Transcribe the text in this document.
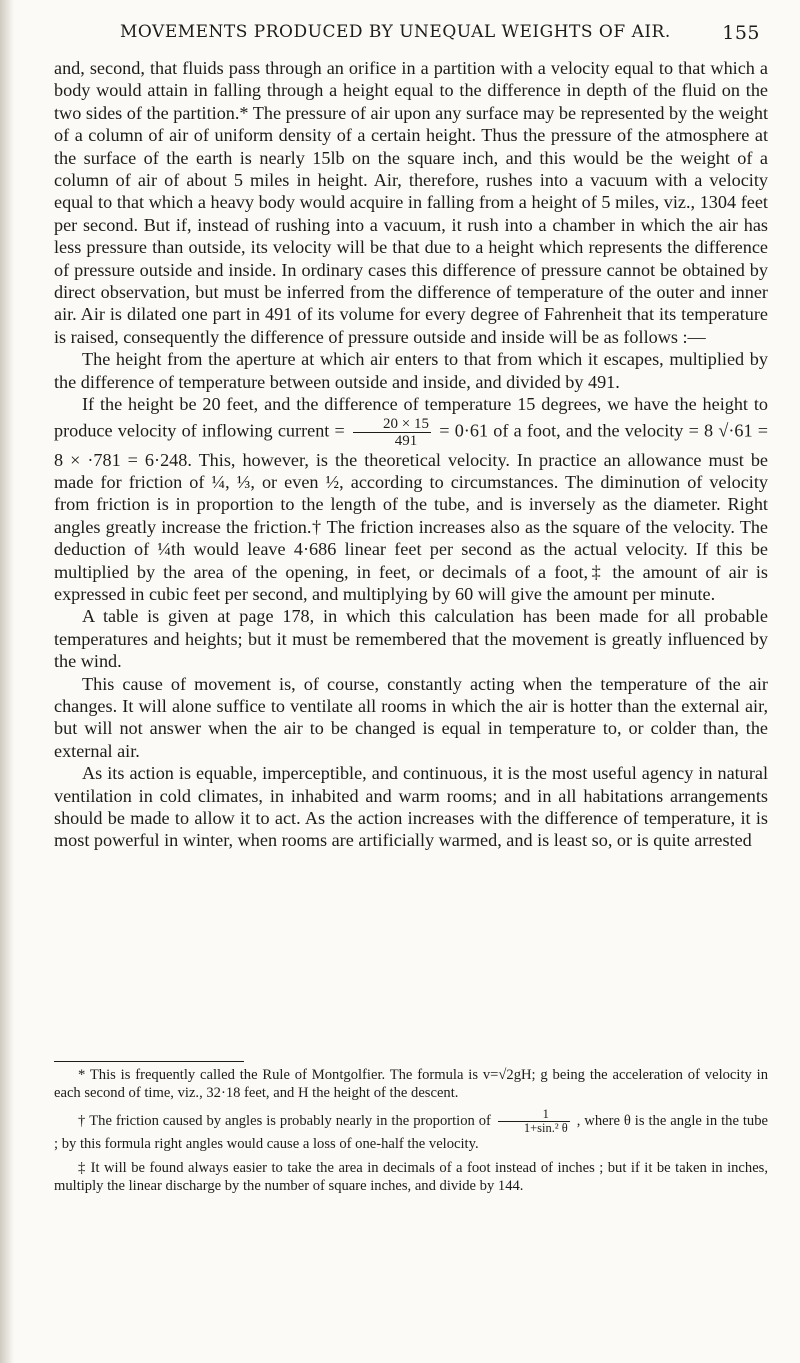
MOVEMENTS PRODUCED BY UNEQUAL WEIGHTS OF AIR.	155

and, second, that fluids pass through an orifice in a partition with a velocity equal to that which a body would attain in falling through a height equal to the difference in depth of the fluid on the two sides of the partition.* The pressure of air upon any surface may be represented by the weight of a column of air of uniform density of a certain height. Thus the pressure of the atmosphere at the surface of the earth is nearly 15lb on the square inch, and this would be the weight of a column of air of about 5 miles in height. Air, therefore, rushes into a vacuum with a velocity equal to that which a heavy body would acquire in falling from a height of 5 miles, viz., 1304 feet per second. But if, instead of rushing into a vacuum, it rush into a chamber in which the air has less pressure than outside, its velocity will be that due to a height which represents the difference of pressure outside and inside. In ordinary cases this difference of pressure cannot be obtained by direct observation, but must be inferred from the difference of temperature of the outer and inner air. Air is dilated one part in 491 of its volume for every degree of Fahrenheit that its temperature is raised, consequently the difference of pressure outside and inside will be as follows :—

The height from the aperture at which air enters to that from which it escapes, multiplied by the difference of temperature between outside and inside, and divided by 491.

If the height be 20 feet, and the difference of temperature 15 degrees, we have the height to produce velocity of inflowing current = $\frac{20 \times 15}{491} = 0\cdot 61$ of a foot, and the velocity = 8 √·61 = 8 × ·781 = 6·248. This, however, is the theoretical velocity. In practice an allowance must be made for friction of ¼, ⅓, or even ½, according to circumstances. The diminution of velocity from friction is in proportion to the length of the tube, and is inversely as the diameter. Right angles greatly increase the friction.† The friction increases also as the square of the velocity. The deduction of ¼th would leave 4·686 linear feet per second as the actual velocity. If this be multiplied by the area of the opening, in feet, or decimals of a foot,‡ the amount of air is expressed in cubic feet per second, and multiplying by 60 will give the amount per minute.

A table is given at page 178, in which this calculation has been made for all probable temperatures and heights; but it must be remembered that the movement is greatly influenced by the wind.

This cause of movement is, of course, constantly acting when the temperature of the air changes. It will alone suffice to ventilate all rooms in which the air is hotter than the external air, but will not answer when the air to be changed is equal in temperature to, or colder than, the external air.

As its action is equable, imperceptible, and continuous, it is the most useful agency in natural ventilation in cold climates, in inhabited and warm rooms; and in all habitations arrangements should be made to allow it to act. As the action increases with the difference of temperature, it is most powerful in winter, when rooms are artificially warmed, and is least so, or is quite arrested

* This is frequently called the Rule of Montgolfier. The formula is v=√2gH; g being the acceleration of velocity in each second of time, viz., 32·18 feet, and H the height of the descent.

† The friction caused by angles is probably nearly in the proportion of $\frac{1}{\text{1+sin.² θ}}$ , where θ is the angle in the tube ; by this formula right angles would cause a loss of one-half the velocity.

‡ It will be found always easier to take the area in decimals of a foot instead of inches ; but if it be taken in inches, multiply the linear discharge by the number of square inches, and divide by 144.
